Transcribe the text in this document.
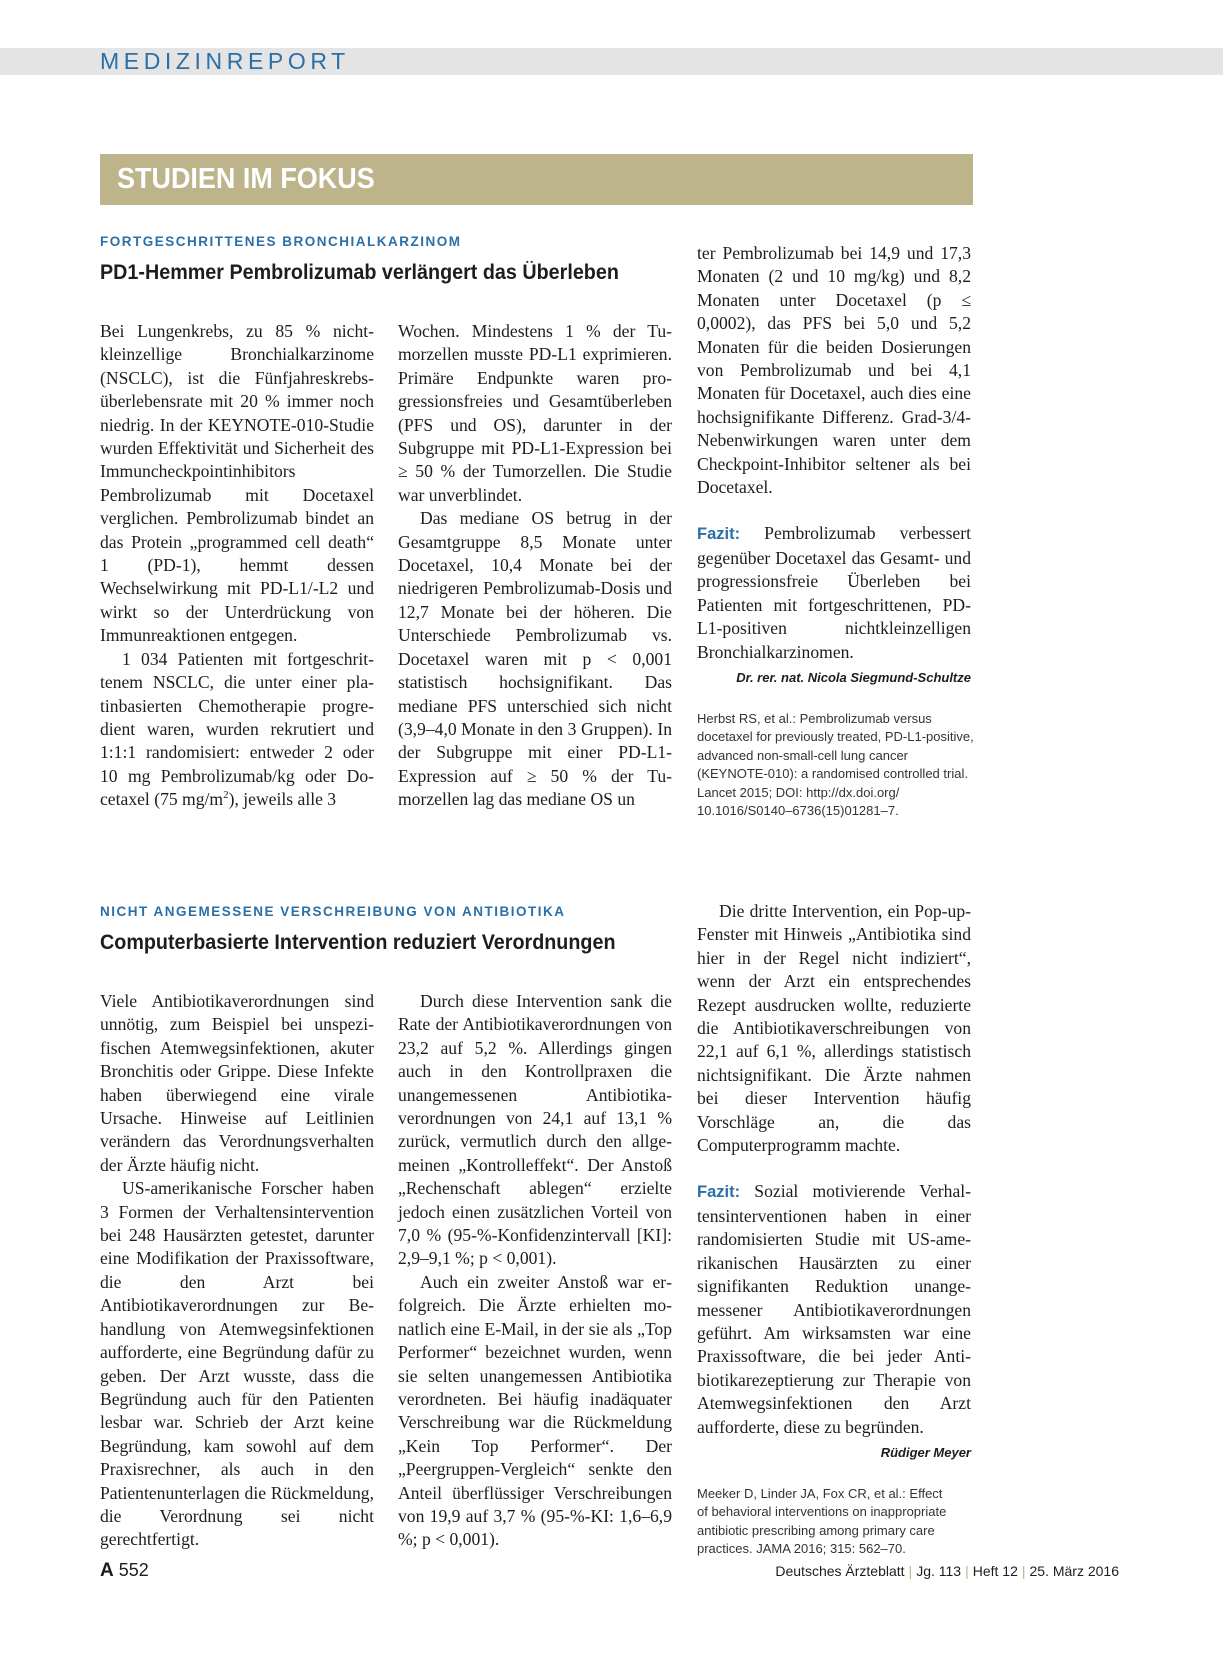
MEDIZINREPORT
STUDIEN IM FOKUS
FORTGESCHRITTENES BRONCHIALKARZINOM
PD1-Hemmer Pembrolizumab verlängert das Überleben

Bei Lungenkrebs, zu 85 % nichtkleinzellige Bronchialkarzinome (NSCLC), ist die Fünfjahreskrebsüberlebensrate mit 20 % immer noch niedrig. In der KEYNOTE-010-Studie wurden Effektivität und Sicherheit des Immuncheckpointinhibitors Pembrolizumab mit Docetaxel verglichen. Pembrolizumab bindet an das Protein „programmed cell death“ 1 (PD-1), hemmt dessen Wechselwirkung mit PD-L1/-L2 und wirkt so der Unterdrückung von Immunreaktionen entgegen.

1 034 Patienten mit fortgeschrittenem NSCLC, die unter einer platinbasierten Chemotherapie progredient waren, wurden rekrutiert und 1:1:1 randomisiert: entweder 2 oder 10 mg Pembrolizumab/kg oder Docetaxel (75 $mg/m^2$), jeweils alle 3

Wochen. Mindestens 1 % der Tumorzellen musste PD-L1 exprimieren. Primäre Endpunkte waren progressionsfreies und Gesamtüberleben (PFS und OS), darunter in der Subgruppe mit PD-L1-Expression bei ≥ 50 % der Tumorzellen. Die Studie war unverblindet.

Das mediane OS betrug in der Gesamtgruppe 8,5 Monate unter Docetaxel, 10,4 Monate bei der niedrigeren Pembrolizumab-Dosis und 12,7 Monate bei der höheren. Die Unterschiede Pembrolizumab vs. Docetaxel waren mit p < 0,001 statistisch hochsignifikant. Das mediane PFS unterschied sich nicht (3,9–4,0 Monate in den 3 Gruppen). In der Subgruppe mit einer PD-L1-Expression auf ≥ 50 % der Tumorzellen lag das mediane OS un

ter Pembrolizumab bei 14,9 und 17,3 Monaten (2 und 10 mg/kg) und 8,2 Monaten unter Docetaxel (p ≤ 0,0002), das PFS bei 5,0 und 5,2 Monaten für die beiden Dosierungen von Pembrolizumab und bei 4,1 Monaten für Docetaxel, auch dies eine hochsignifikante Differenz. Grad-3/4-Nebenwirkungen waren unter dem Checkpoint-Inhibitor seltener als bei Docetaxel.

Fazit: Pembrolizumab verbessert gegenüber Docetaxel das Gesamt- und progressionsfreie Überleben bei Patienten mit fortgeschrittenen, PD-L1-positiven nichtkleinzelligen Bronchialkarzinomen.

Dr. rer. nat. Nicola Siegmund-Schultze
Herbst RS, et al.: Pembrolizumab versus
docetaxel for previously treated, PD-L1-positive,
advanced non-small-cell lung cancer
(KEYNOTE-010): a randomised controlled trial.
Lancet 2015; DOI: http://dx.doi.org/
10.1016/S0140–6736(15)01281–7.
NICHT ANGEMESSENE VERSCHREIBUNG VON ANTIBIOTIKA
Computerbasierte Intervention reduziert Verordnungen

Viele Antibiotikaverordnungen sind unnötig, zum Beispiel bei unspezifischen Atemwegsinfektionen, akuter Bronchitis oder Grippe. Diese Infekte haben überwiegend eine virale Ursache. Hinweise auf Leitlinien verändern das Verordnungsverhalten der Ärzte häufig nicht.

US-amerikanische Forscher haben 3 Formen der Verhaltensintervention bei 248 Hausärzten getestet, darunter eine Modifikation der Praxissoftware, die den Arzt bei Antibiotikaverordnungen zur Behandlung von Atemwegsinfektionen aufforderte, eine Begründung dafür zu geben. Der Arzt wusste, dass die Begründung auch für den Patienten lesbar war. Schrieb der Arzt keine Begründung, kam sowohl auf dem Praxisrechner, als auch in den Patientenunterlagen die Rückmeldung, die Verordnung sei nicht gerechtfertigt.

Durch diese Intervention sank die Rate der Antibiotikaverordnungen von 23,2 auf 5,2 %. Allerdings gingen auch in den Kontrollpraxen die unangemessenen Antibiotikaverordnungen von 24,1 auf 13,1 % zurück, vermutlich durch den allgemeinen „Kontrolleffekt“. Der Anstoß „Rechenschaft ablegen“ erzielte jedoch einen zusätzlichen Vorteil von 7,0 % (95-%-Konfidenzintervall [KI]: 2,9–9,1 %; p < 0,001).

Auch ein zweiter Anstoß war erfolgreich. Die Ärzte erhielten monatlich eine E-Mail, in der sie als „Top Performer“ bezeichnet wurden, wenn sie selten unangemessen Antibiotika verordneten. Bei häufig inadäquater Verschreibung war die Rückmeldung „Kein Top Performer“. Der „Peergruppen-Vergleich“ senkte den Anteil überflüssiger Verschreibungen von 19,9 auf 3,7 % (95-%-KI: 1,6–6,9 %; p < 0,001).

Die dritte Intervention, ein Pop-up-Fenster mit Hinweis „Antibiotika sind hier in der Regel nicht indiziert“, wenn der Arzt ein entsprechendes Rezept ausdrucken wollte, reduzierte die Antibiotikaverschreibungen von 22,1 auf 6,1 %, allerdings statistisch nichtsignifikant. Die Ärzte nahmen bei dieser Intervention häufig Vorschläge an, die das Computerprogramm machte.

Fazit: Sozial motivierende Verhaltensinterventionen haben in einer randomisierten Studie mit US-amerikanischen Hausärzten zu einer signifikanten Reduktion unangemessener Antibiotikaverordnungen geführt. Am wirksamsten war eine Praxissoftware, die bei jeder Antibiotikarezeptierung zur Therapie von Atemwegsinfektionen den Arzt aufforderte, diese zu begründen.

Rüdiger Meyer
Meeker D, Linder JA, Fox CR, et al.: Effect
of behavioral interventions on inappropriate
antibiotic prescribing among primary care
practices. JAMA 2016; 315: 562–70.
A 552	Deutsches Ärzteblatt | Jg. 113 | Heft 12 | 25. März 2016
